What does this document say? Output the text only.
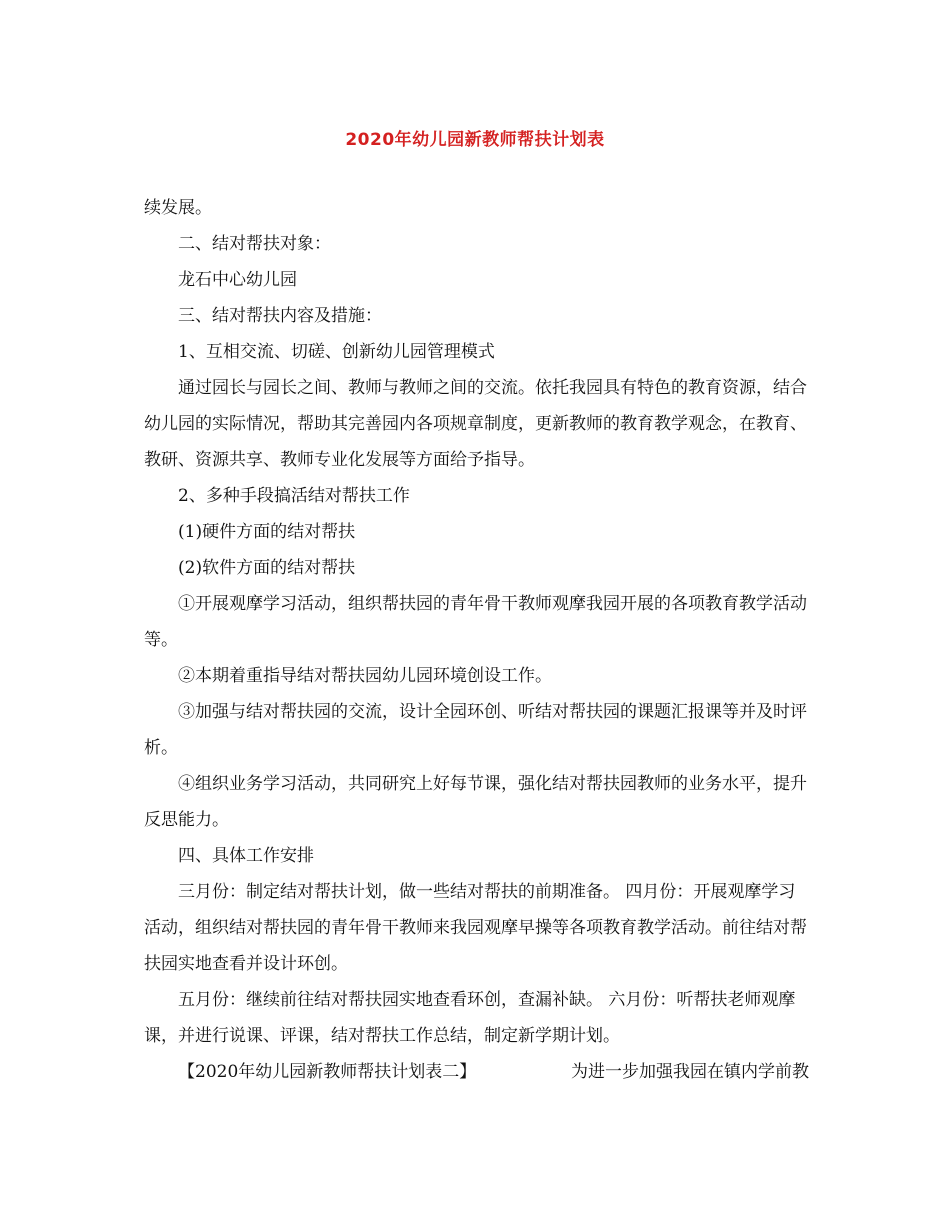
2020年幼儿园新教师帮扶计划表

续发展。

二、结对帮扶对象：

龙石中心幼儿园

三、结对帮扶内容及措施：

1、互相交流、切磋、创新幼儿园管理模式

通过园长与园长之间、教师与教师之间的交流。依托我园具有特色的教育资源，结合幼儿园的实际情况，帮助其完善园内各项规章制度，更新教师的教育教学观念，在教育、教研、资源共享、教师专业化发展等方面给予指导。

2、多种手段搞活结对帮扶工作

(1)硬件方面的结对帮扶

(2)软件方面的结对帮扶

①开展观摩学习活动，组织帮扶园的青年骨干教师观摩我园开展的各项教育教学活动等。

②本期着重指导结对帮扶园幼儿园环境创设工作。

③加强与结对帮扶园的交流，设计全园环创、听结对帮扶园的课题汇报课等并及时评析。

④组织业务学习活动，共同研究上好每节课，强化结对帮扶园教师的业务水平，提升反思能力。

四、具体工作安排

三月份：制定结对帮扶计划，做一些结对帮扶的前期准备。 四月份：开展观摩学习活动，组织结对帮扶园的青年骨干教师来我园观摩早操等各项教育教学活动。前往结对帮扶园实地查看并设计环创。

五月份：继续前往结对帮扶园实地查看环创，查漏补缺。 六月份：听帮扶老师观摩课，并进行说课、评课，结对帮扶工作总结，制定新学期计划。

【2020年幼儿园新教师帮扶计划表二】	为进一步加强我园在镇内学前教
